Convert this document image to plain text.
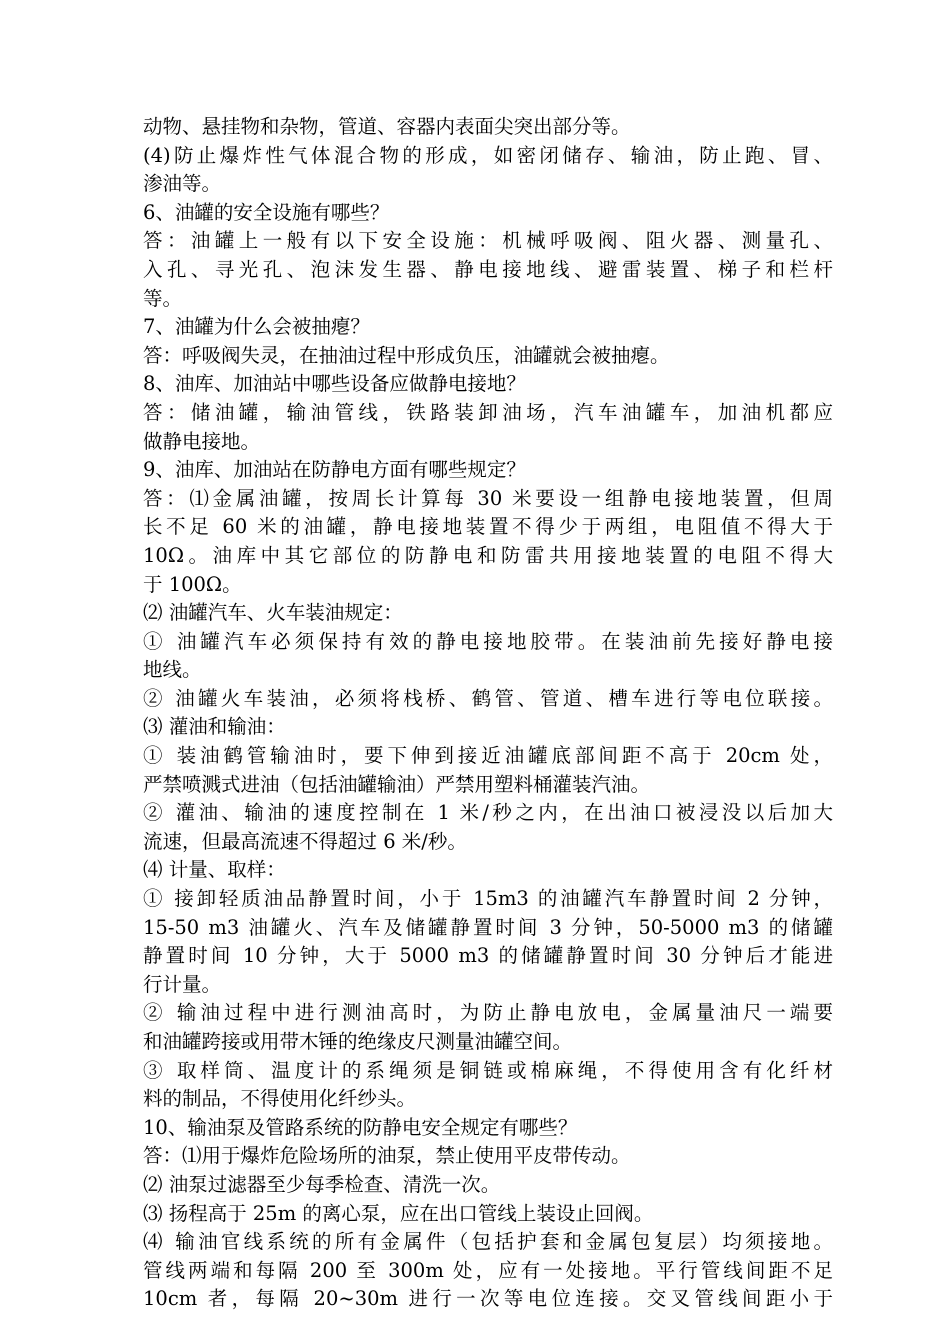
动物、悬挂物和杂物，管道、容器内表面尖突出部分等。
(4)防止爆炸性气体混合物的形成，如密闭储存、输油，防止跑、冒、
渗油等。
6、油罐的安全设施有哪些？
答：油罐上一般有以下安全设施：机械呼吸阀、阻火器、测量孔、
入孔、寻光孔、泡沫发生器、静电接地线、避雷装置、梯子和栏杆
等。
7、油罐为什么会被抽瘪？
答：呼吸阀失灵，在抽油过程中形成负压，油罐就会被抽瘪。
8、油库、加油站中哪些设备应做静电接地？
答：储油罐，输油管线，铁路装卸油场，汽车油罐车，加油机都应
做静电接地。
9、油库、加油站在防静电方面有哪些规定？
答：⑴金属油罐，按周长计算每 30 米要设一组静电接地装置，但周
长不足 60 米的油罐，静电接地装置不得少于两组，电阻值不得大于
10Ω。油库中其它部位的防静电和防雷共用接地装置的电阻不得大
于 100Ω。
⑵ 油罐汽车、火车装油规定：
① 油罐汽车必须保持有效的静电接地胶带。在装油前先接好静电接
地线。
② 油罐火车装油，必须将栈桥、鹤管、管道、槽车进行等电位联接。
⑶ 灌油和输油：
① 装油鹤管输油时，要下伸到接近油罐底部间距不高于 20cm 处，
严禁喷溅式进油（包括油罐输油）严禁用塑料桶灌装汽油。
② 灌油、输油的速度控制在 1 米/秒之内，在出油口被浸没以后加大
流速，但最高流速不得超过 6 米/秒。
⑷ 计量、取样：
① 接卸轻质油品静置时间，小于 15m3 的油罐汽车静置时间 2 分钟，
15-50 m3 油罐火、汽车及储罐静置时间 3 分钟，50-5000 m3 的储罐
静置时间 10 分钟，大于 5000 m3 的储罐静置时间 30 分钟后才能进
行计量。
② 输油过程中进行测油高时，为防止静电放电，金属量油尺一端要
和油罐跨接或用带木锤的绝缘皮尺测量油罐空间。
③ 取样筒、温度计的系绳须是铜链或棉麻绳，不得使用含有化纤材
料的制品，不得使用化纤纱头。
10、输油泵及管路系统的防静电安全规定有哪些？
答：⑴用于爆炸危险场所的油泵，禁止使用平皮带传动。
⑵ 油泵过滤器至少每季检查、清洗一次。
⑶ 扬程高于 25m 的离心泵，应在出口管线上装设止回阀。
⑷ 输油官线系统的所有金属件（包括护套和金属包复层）均须接地。
管线两端和每隔 200 至 300m 处，应有一处接地。平行管线间距不足
10cm 者，每隔 20~30m 进行一次等电位连接。交叉管线间距小于
